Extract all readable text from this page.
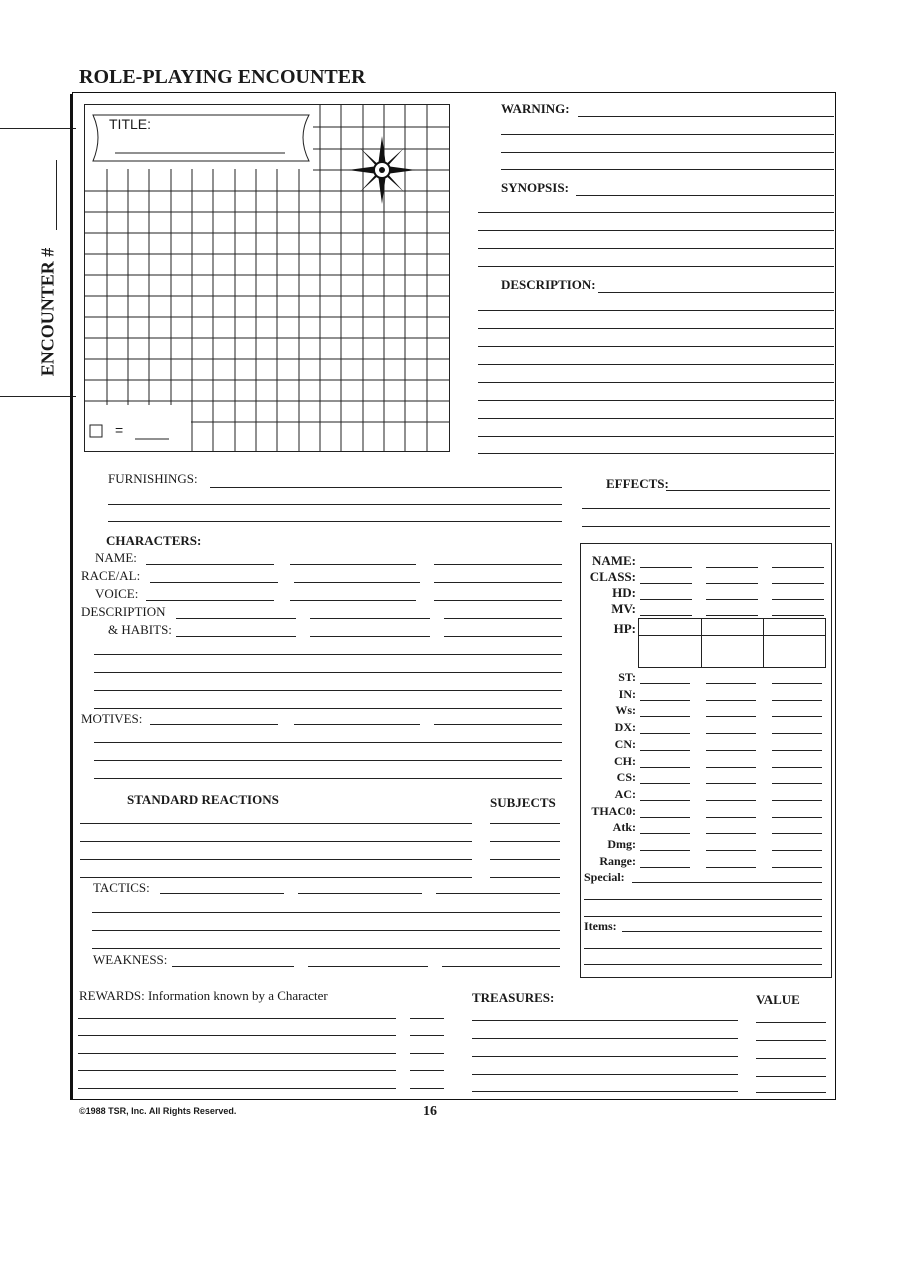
ROLE-PLAYING ENCOUNTER
ENCOUNTER #
TITLE:
=
WARNING:
SYNOPSIS:
DESCRIPTION:
FURNISHINGS:	EFFECTS:
CHARACTERS:
NAME:
RACE/AL:
VOICE:
DESCRIPTION
& HABITS:
MOTIVES:
NAME:
CLASS:
HD:
MV:
HP:
ST:
IN:
Ws:
DX:
CN:
CH:
CS:
AC:
THAC0:
Atk:
Dmg:
Range:
Special:
Items:
STANDARD REACTIONS	SUBJECTS
TACTICS:
WEAKNESS:
REWARDS: Information known by a Character	TREASURES:	VALUE
©1988 TSR, Inc. All Rights Reserved.	16
